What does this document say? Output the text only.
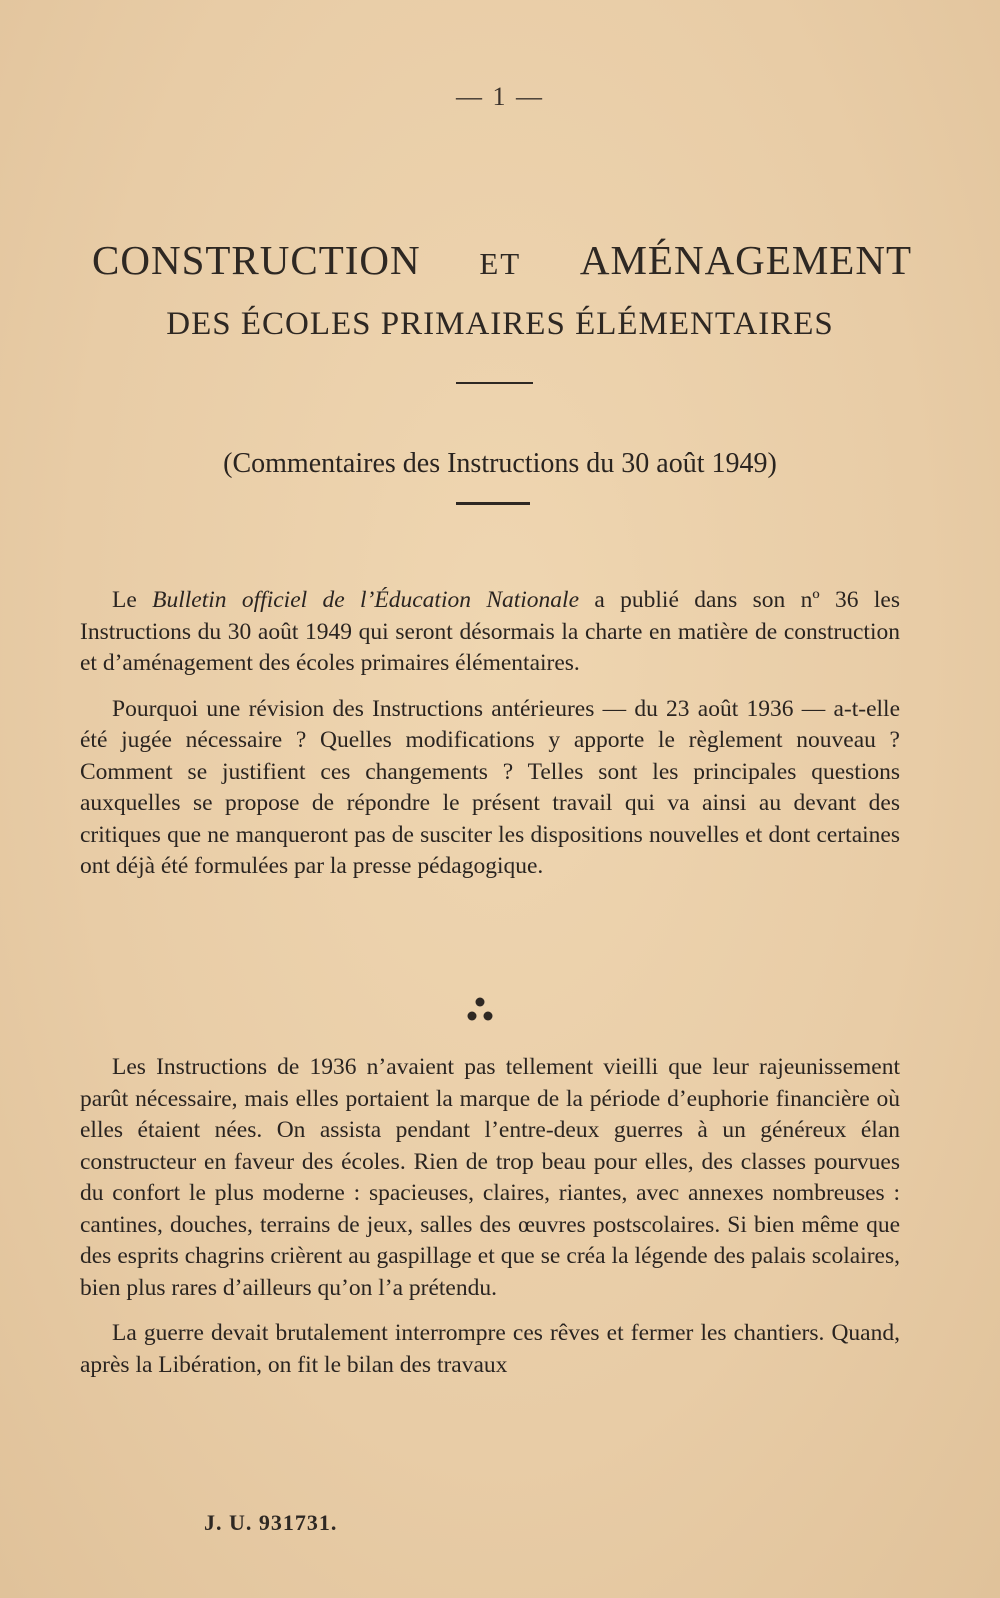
— 1 —
CONSTRUCTION ET AMÉNAGEMENT
DES ÉCOLES PRIMAIRES ÉLÉMENTAIRES
(Commentaires des Instructions du 30 août 1949)

Le Bulletin officiel de l’Éducation Nationale a publié dans son nº 36 les Instructions du 30 août 1949 qui seront désormais la charte en matière de construction et d’aménagement des écoles primaires élémentaires.

Pourquoi une révision des Instructions antérieures — du 23 août 1936 — a-t-elle été jugée nécessaire ? Quelles modifications y apporte le règlement nouveau ? Comment se justifient ces changements ? Telles sont les principales questions auxquelles se propose de répondre le présent travail qui va ainsi au devant des critiques que ne manqueront pas de susciter les dispositions nouvelles et dont certaines ont déjà été formulées par la presse pédagogique.

Les Instructions de 1936 n’avaient pas tellement vieilli que leur rajeunissement parût nécessaire, mais elles portaient la marque de la période d’euphorie financière où elles étaient nées. On assista pendant l’entre-deux guerres à un généreux élan constructeur en faveur des écoles. Rien de trop beau pour elles, des classes pourvues du confort le plus moderne : spacieuses, claires, riantes, avec annexes nombreuses : cantines, douches, terrains de jeux, salles des œuvres postscolaires. Si bien même que des esprits chagrins crièrent au gaspillage et que se créa la légende des palais scolaires, bien plus rares d’ailleurs qu’on l’a prétendu.

La guerre devait brutalement interrompre ces rêves et fermer les chantiers. Quand, après la Libération, on fit le bilan des travaux

J. U. 931731.
